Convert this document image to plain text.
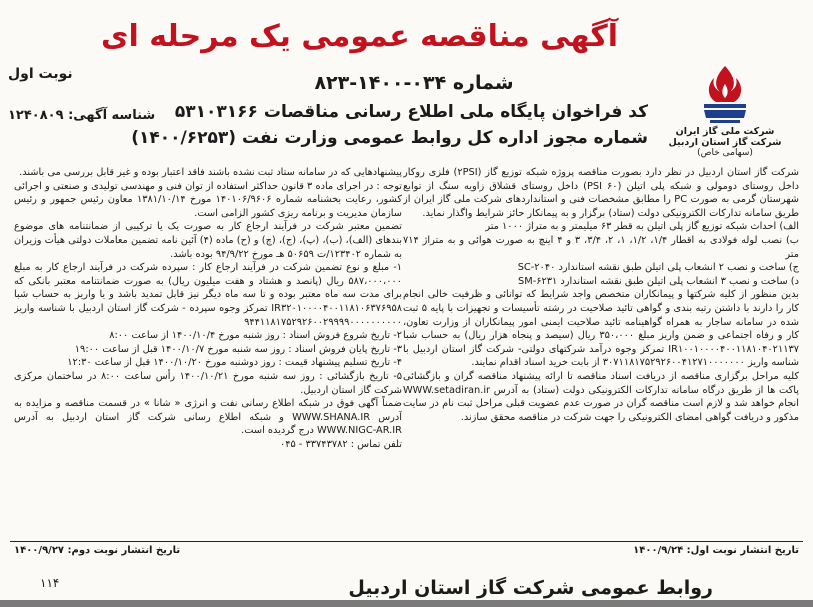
شرکت ملی گاز ایران
شرکت گاز استان اردبیل
(سهامی خاص)
آگهی مناقصه عمومی یک مرحله ای
شماره ۰۳۴-۱۴۰۰-۸۲۳
کد فراخوان پایگاه ملی اطلاع رسانی مناقصات ۵۳۱۰۳۱۶۶
شماره مجوز اداره کل روابط عمومی وزارت نفت (۱۴۰۰/۶۲۵۳)
نوبت اول
شناسه آگهی: ۱۲۴۰۸۰۹

شرکت گاز استان اردبیل در نظر دارد بصورت مناقصه پروژه شبکه توزیع گاز (۲PSI) فلزی روکار داخل روستای دومولی و شبکه پلی اتیلن (۶۰ PSI) داخل روستای قشلاق زاویه سنگ از توابع شهرستان گرمی به صورت PC را مطابق مشخصات فنی و استانداردهای شرکت ملی گاز ایران از طریق سامانه تدارکات الکترونیکی دولت (ستاد) برگزار و به پیمانکار حائز شرایط واگذار نماید.

الف) احداث شبکه توزیع گاز پلی اتیلن به قطر ۶۳ میلیمتر و به متراژ ۱۰۰۰ متر

ب) نصب لوله فولادی به اقطار ۱/۴، ۱/۲، ۱، ۲، ۳/۴، ۳ و ۴ اینچ به صورت هوائی و به متراژ ۷۱۴ متر

ج) ساخت و نصب ۲ انشعاب پلی اتیلن طبق نقشه استاندارد SC-۲۰۴۰

د) ساخت و نصب ۳ انشعاب پلی اتیلن طبق نقشه استاندارد SM-۶۲۳۱

بدین منظور از کلیه شرکتها و پیمانکاران متخصص واجد شرایط که توانائی و ظرفیت خالی انجام کار را دارند با داشتن رتبه بندی و گواهی تائید صلاحیت در رشته تأسیسات و تجهیزات با پایه ۵ ثبت شده در سامانه ساجار به همراه گواهینامه تائید صلاحیت ایمنی امور پیمانکاران از وزارت تعاون، کار و رفاه اجتماعی و ضمن واریز مبلغ ۳۵۰،۰۰۰ ریال (سیصد و پنجاه هزار ریال) به حساب شبا IR۱۰۰۱۰۰۰۰۴۰۰۱۱۸۱۰۴۰۲۱۱۳۷ تمرکز وجوه درآمد شرکتهای دولتی- شرکت گاز استان اردبیل با شناسه واریز ۳۰۷۱۱۸۱۷۵۲۹۲۶۰۰۴۱۲۷۱۰۰۰۰۰۰۰ از بابت خرید اسناد اقدام نمایند.

کلیه مراحل برگزاری مناقصه از دریافت اسناد مناقصه تا ارائه پیشنهاد مناقصه گران و بازگشائی پاکت ها از طریق درگاه سامانه تدارکات الکترونیکی دولت (ستاد) به آدرس WWW.setadiran.ir انجام خواهد شد و لازم است مناقصه گران در صورت عدم عضویت قبلی مراحل ثبت نام در سایت مذکور و دریافت گواهی امضای الکترونیکی را جهت شرکت در مناقصه محقق سازند.

پیشنهادهایی که در سامانه ستاد ثبت نشده باشند فاقد اعتبار بوده و غیر قابل بررسی می باشند.

توجه : در اجرای ماده ۳ قانون حداکثر استفاده از توان فنی و مهندسی تولیدی و صنعتی و اجرائی کشور، رعایت بخشنامه شماره ۱۴۰۱۰۶/۹۶۰۶ مورخ ۱۳۸۱/۱۰/۱۴ معاون رئیس جمهور و رئیس سازمان مدیریت و برنامه ریزی کشور الزامی است.

تضمین معتبر شرکت در فرآیند ارجاع کار به صورت یک یا ترکیبی از ضمانتنامه های موضوع بندهای (الف)، (ب)، (پ)، (ج)، (چ) و (ح) ماده (۴) آئین نامه تضمین معاملات دولتی هیأت وزیران به شماره ۱۲۳۴۰۲/ت ۵۰۶۵۹ هـ مورخ ۹۴/۹/۲۲ بوده باشد.

۱- مبلغ و نوع تضمین شرکت در فرآیند ارجاع کار : سپرده شرکت در فرآیند ارجاع کار به مبلغ ۵۸۷،۰۰۰،۰۰۰ ریال (پانصد و هشتاد و هفت میلیون ریال) به صورت ضمانتنامه معتبر بانکی که برای مدت سه ماه معتبر بوده و تا سه ماه دیگر نیز قابل تمدید باشد و یا واریز به حساب شبا IR۳۲۰۱۰۰۰۰۴۰۰۱۱۸۱۰۶۳۷۶۹۵۸ تمرکز وجوه سپرده - شرکت گاز استان اردبیل با شناسه واریز ۹۴۴۱۱۸۱۷۵۲۹۲۶۰۰۲۹۹۹۹۰۰۰۰۰۰۰۰۰۰

۲- تاریخ شروع فروش اسناد : روز شنبه مورخ ۱۴۰۰/۱۰/۴ از ساعت ۸:۰۰

۳- تاریخ پایان فروش اسناد : روز سه شنبه مورخ ۱۴۰۰/۱۰/۷ قبل از ساعت ۱۹:۰۰

۴- تاریخ تسلیم پیشنهاد قیمت : روز دوشنبه مورخ ۱۴۰۰/۱۰/۲۰ قبل از ساعت ۱۲:۳۰

۵- تاریخ بازگشائی : روز سه شنبه مورخ ۱۴۰۰/۱۰/۲۱ رأس ساعت ۸:۰۰ در ساختمان مرکزی شرکت گاز استان اردبیل.

ضمناً آگهی فوق در شبکه اطلاع رسانی نفت و انرژی « شانا » در قسمت مناقصه و مزایده به آدرس WWW.SHANA.IR و شبکه اطلاع رسانی شرکت گاز استان اردبیل به آدرس WWW.NIGC-AR.IR درج گردیده است.

تلفن تماس : ۳۳۷۴۳۷۸۲ - ۰۴۵

تاریخ انتشار نوبت اول: ۱۴۰۰/۹/۲۴
تاریخ انتشار نوبت دوم: ۱۴۰۰/۹/۲۷
۱۱۴	روابط عمومی شرکت گاز استان اردبیل
